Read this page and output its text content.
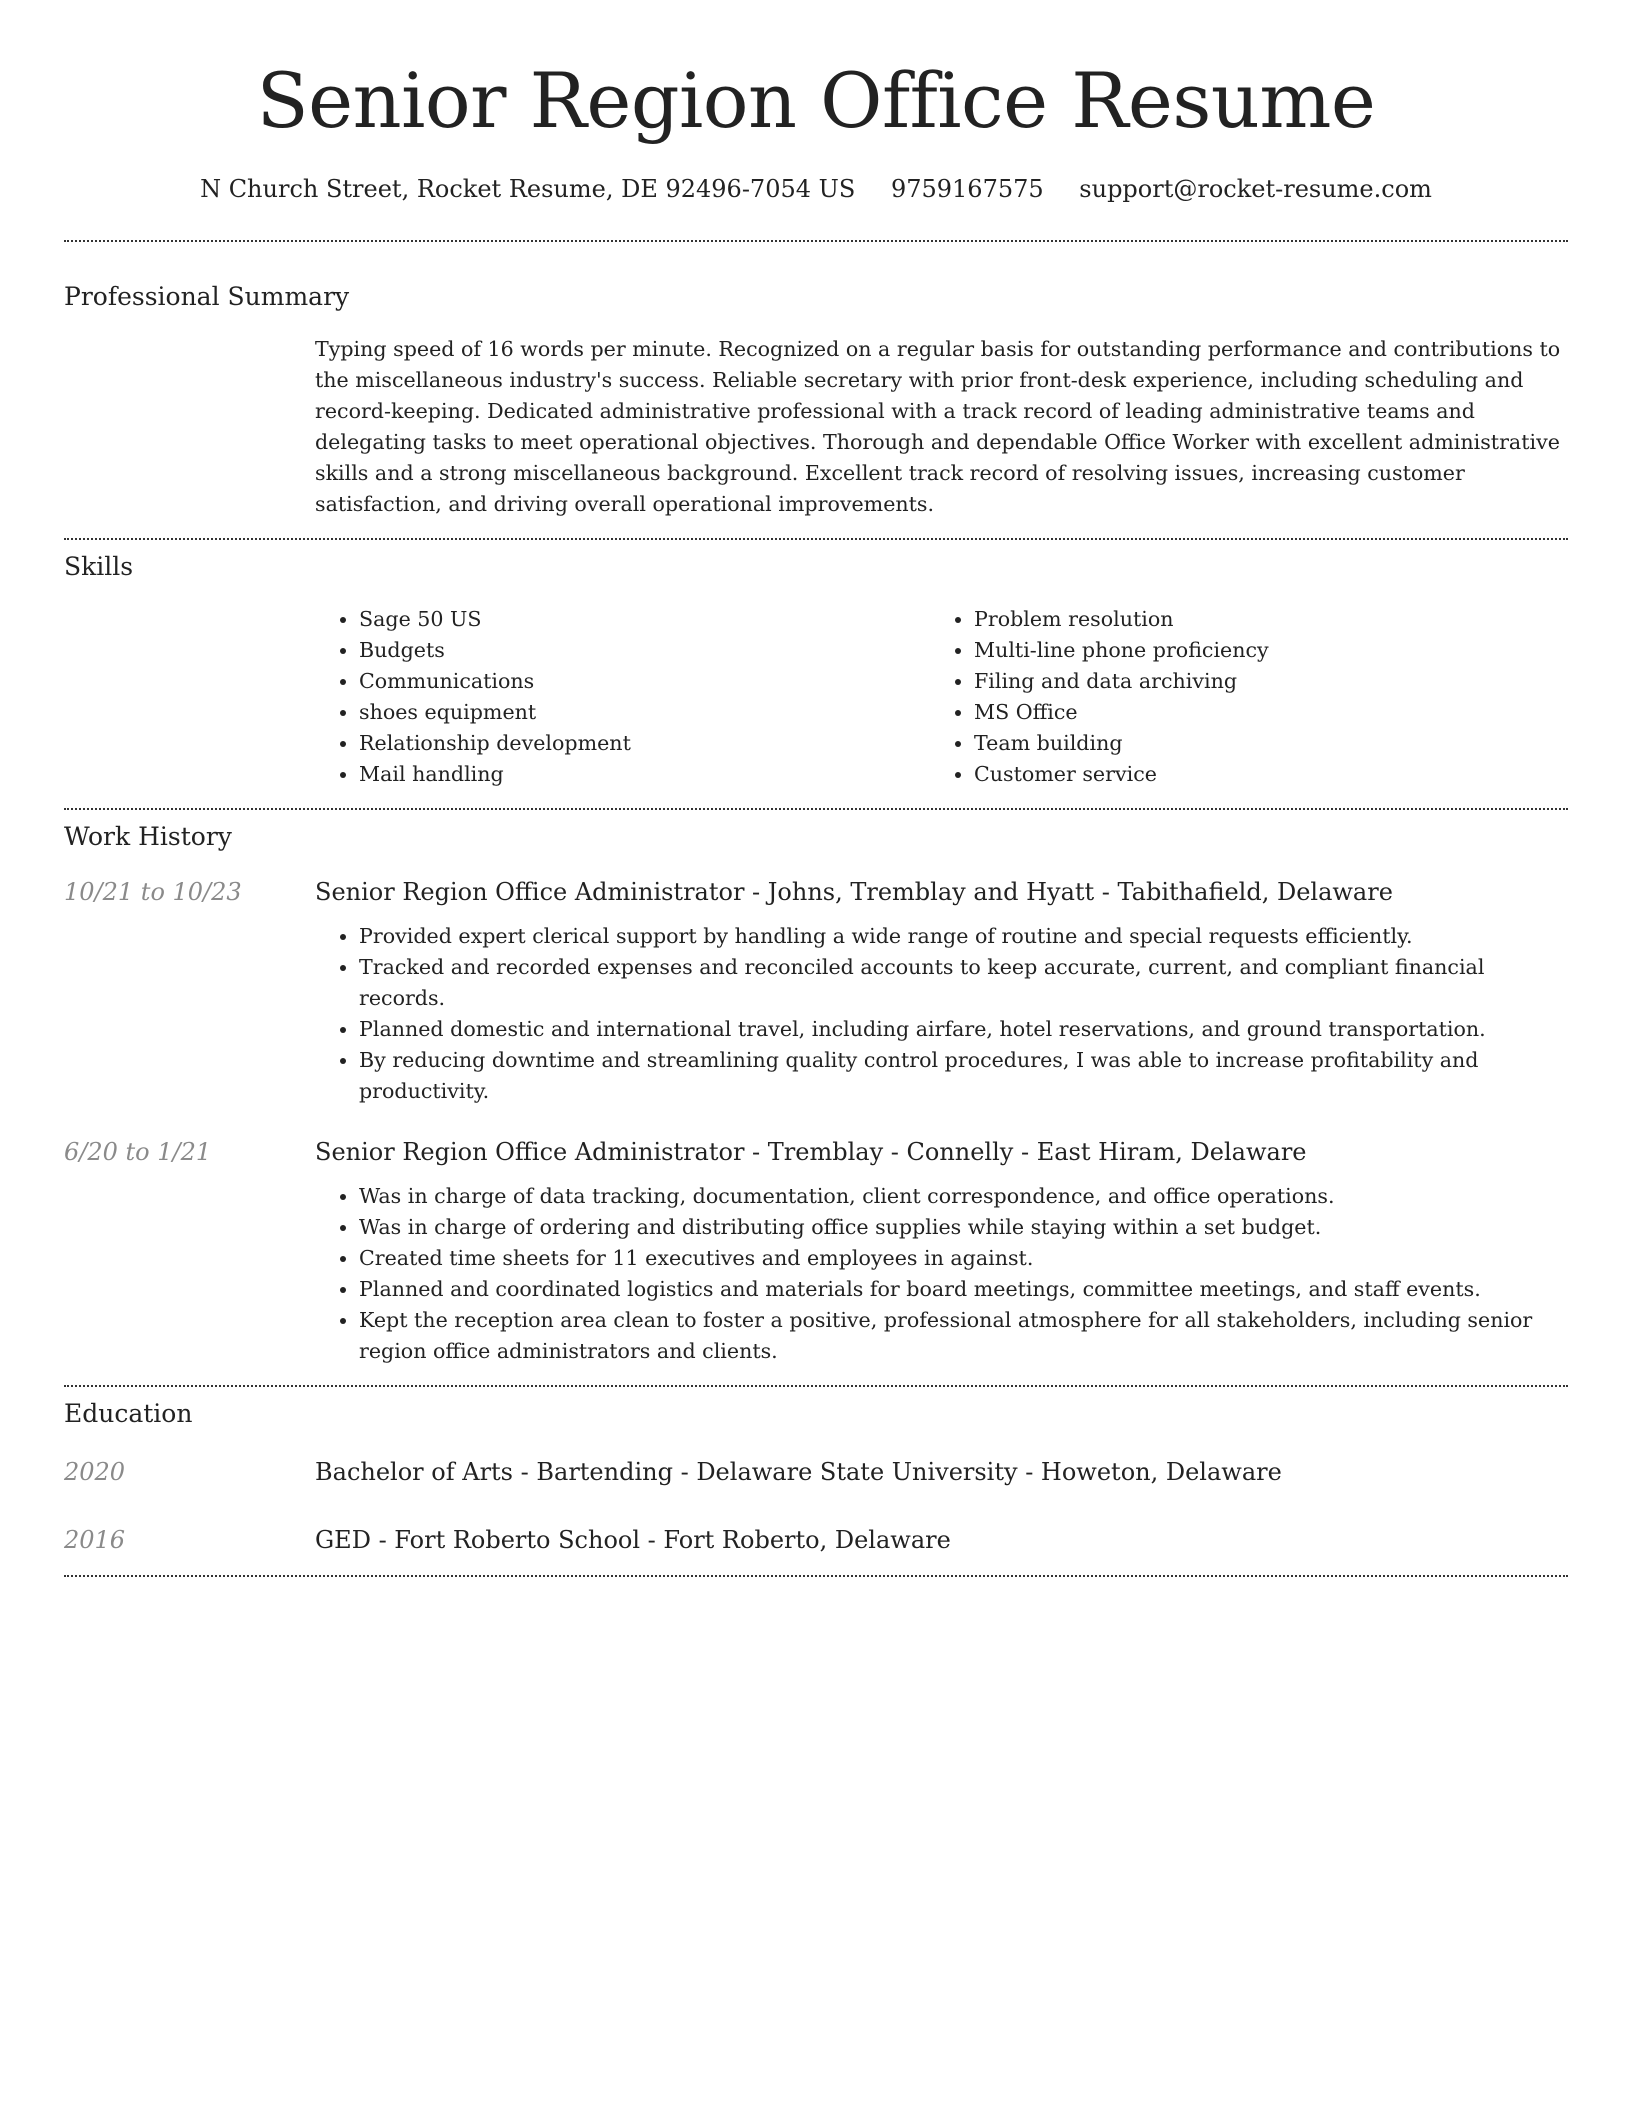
Senior Region Office Resume
N Church Street, Rocket Resume, DE 92496-7054 US 9759167575 support@rocket-resume.com
Professional Summary

Typing speed of 16 words per minute. Recognized on a regular basis for outstanding performance and contributions to the miscellaneous industry's success. Reliable secretary with prior front-desk experience, including scheduling and record-keeping. Dedicated administrative professional with a track record of leading administrative teams and delegating tasks to meet operational objectives. Thorough and dependable Office Worker with excellent administrative skills and a strong miscellaneous background. Excellent track record of resolving issues, increasing customer satisfaction, and driving overall operational improvements.

Skills
• Sage 50 US
• Budgets
• Communications
• shoes equipment
• Relationship development
• Mail handling
• Problem resolution
• Multi-line phone proficiency
• Filing and data archiving
• MS Office
• Team building
• Customer service
Work History
10/21 to 10/23	Senior Region Office Administrator - Johns, Tremblay and Hyatt - Tabithafield, Delaware
• Provided expert clerical support by handling a wide range of routine and special requests efficiently.
• Tracked and recorded expenses and reconciled accounts to keep accurate, current, and compliant financial records.
• Planned domestic and international travel, including airfare, hotel reservations, and ground transportation.
• By reducing downtime and streamlining quality control procedures, I was able to increase profitability and productivity.
6/20 to 1/21	Senior Region Office Administrator - Tremblay - Connelly - East Hiram, Delaware
• Was in charge of data tracking, documentation, client correspondence, and office operations.
• Was in charge of ordering and distributing office supplies while staying within a set budget.
• Created time sheets for 11 executives and employees in against.
• Planned and coordinated logistics and materials for board meetings, committee meetings, and staff events.
• Kept the reception area clean to foster a positive, professional atmosphere for all stakeholders, including senior region office administrators and clients.
Education
2020	Bachelor of Arts - Bartending - Delaware State University - Howeton, Delaware
2016	GED - Fort Roberto School - Fort Roberto, Delaware
